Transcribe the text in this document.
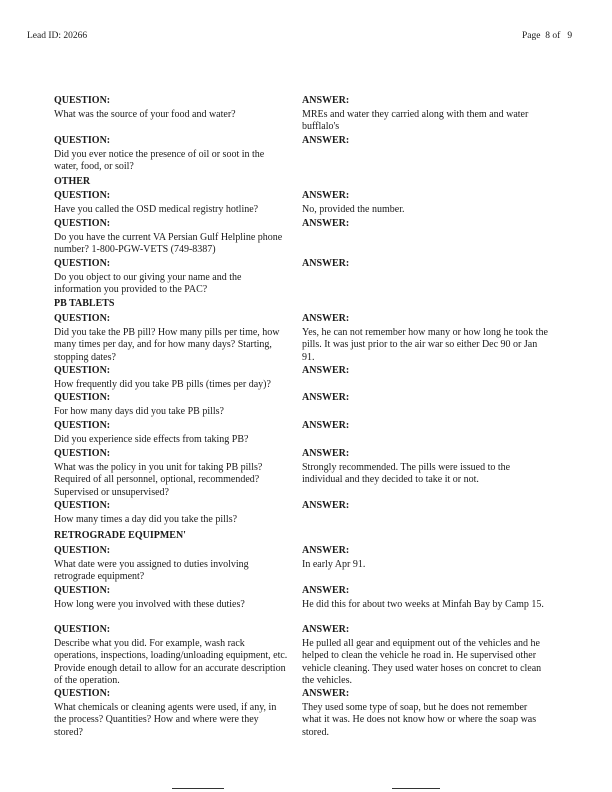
Lead ID: 20266	Page 8 of 9
QUESTION:
What was the source of your food and water?
ANSWER:
MREs and water they carried along with them and water bufflalo's
QUESTION:
Did you ever notice the presence of oil or soot in the water, food, or soil?
ANSWER:
OTHER
QUESTION:
Have you called the OSD medical registry hotline?
ANSWER:
No, provided the number.
QUESTION:
Do you have the current VA Persian Gulf Helpline phone number? 1-800-PGW-VETS (749-8387)
ANSWER:
QUESTION:
Do you object to our giving your name and the information you provided to the PAC?
ANSWER:
PB TABLETS
QUESTION:
Did you take the PB pill? How many pills per time, how many times per day, and for how many days? Starting, stopping dates?
ANSWER:
Yes, he can not remember how many or how long he took the pills. It was just prior to the air war so either Dec 90 or Jan 91.
QUESTION:
How frequently did you take PB pills (times per day)?
ANSWER:
QUESTION:
For how many days did you take PB pills?
ANSWER:
QUESTION:
Did you experience side effects from taking PB?
ANSWER:
QUESTION:
What was the policy in you unit for taking PB pills? Required of all personnel, optional, recommended? Supervised or unsupervised?
ANSWER:
Strongly recommended. The pills were issued to the individual and they decided to take it or not.
QUESTION:
How many times a day did you take the pills?
ANSWER:
RETROGRADE EQUIPMEN'
QUESTION:
What date were you assigned to duties involving retrograde equipment?
ANSWER:
In early Apr 91.
QUESTION:
How long were you involved with these duties?
ANSWER:
He did this for about two weeks at Minfah Bay by Camp 15.
QUESTION:
Describe what you did. For example, wash rack operations, inspections, loading/unloading equipment, etc. Provide enough detail to allow for an accurate description of the operation.
ANSWER:
He pulled all gear and equipment out of the vehicles and he helped to clean the vehicle he road in. He supervised other vehicle cleaning. They used water hoses on concret to clean the vehicles.
QUESTION:
What chemicals or cleaning agents were used, if any, in the process? Quantities? How and where were they stored?
ANSWER:
They used some type of soap, but he does not remember what it was. He does not know how or where the soap was stored.
